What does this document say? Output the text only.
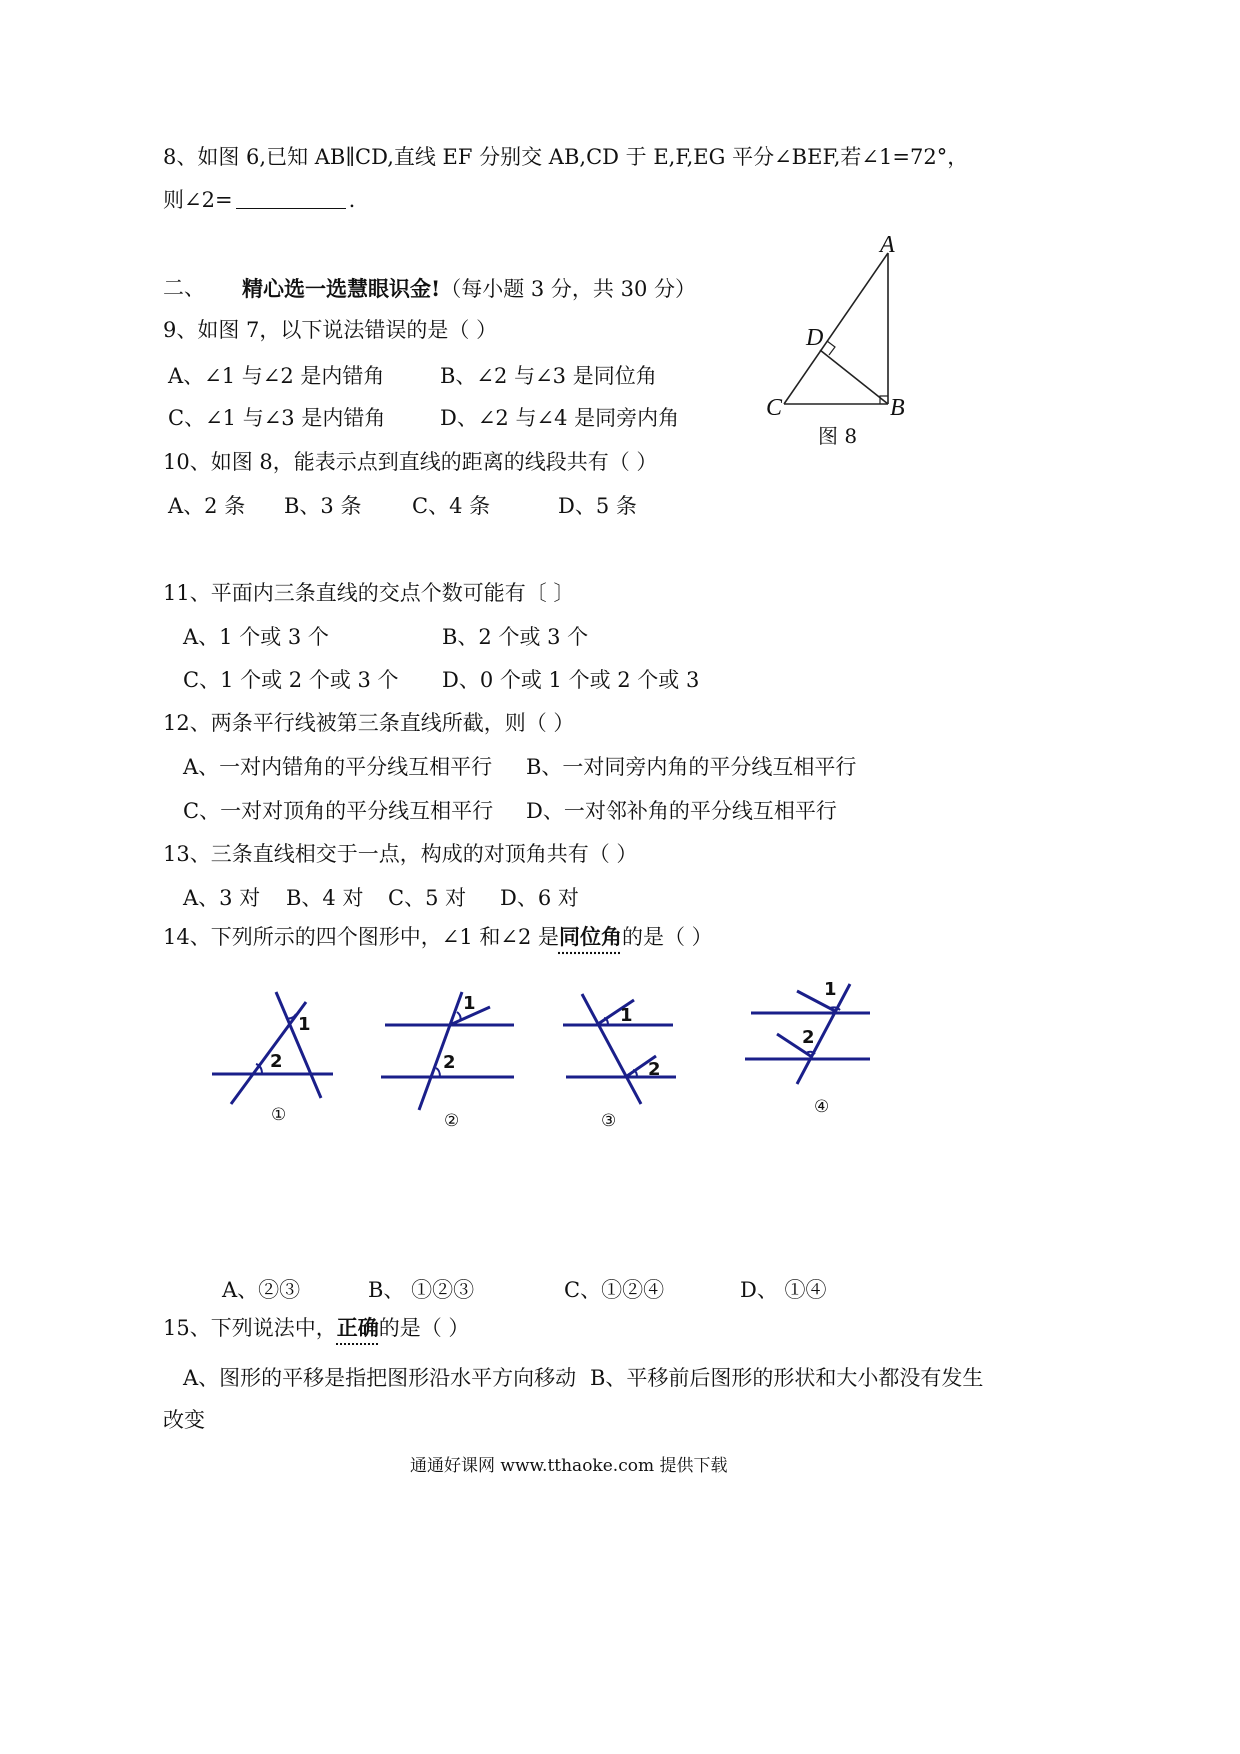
8、如图 6,已知 AB∥CD,直线 EF 分别交 AB,CD 于 E,F,EG 平分∠BEF,若∠1=72°，
则∠2=	.
二、 精心选一选慧眼识金!（每小题 3 分，共 30 分）
9、如图 7，以下说法错误的是（ ）
A、∠1 与∠2 是内错角	B、∠2 与∠3 是同位角
C、∠1 与∠3 是内错角	D、∠2 与∠4 是同旁内角
10、如图 8，能表示点到直线的距离的线段共有（ ）
A、2 条 B、3 条 C、4 条	D、5 条
11、平面内三条直线的交点个数可能有〔 〕
A、1 个或 3 个	B、2 个或 3 个
C、1 个或 2 个或 3 个 D、0 个或 1 个或 2 个或 3
12、两条平行线被第三条直线所截，则（ ）
A、一对内错角的平分线互相平行 B、一对同旁内角的平分线互相平行
C、一对对顶角的平分线互相平行 D、一对邻补角的平分线互相平行
13、三条直线相交于一点，构成的对顶角共有（ ）
A、3 对 B、4 对 C、5 对 D、6 对
14、下列所示的四个图形中，∠1 和∠2 是同位角的是（ ）
1
2
①
1
2
②
1
2
③
1
2
④
A
B
C
D
图 8
A、②③	B、 ①②③	C、①②④	D、 ①④
15、下列说法中，正确的是（ ）
A、图形的平移是指把图形沿水平方向移动 B、平移前后图形的形状和大小都没有发生
改变
通通好课网 www.tthaoke.com 提供下载
